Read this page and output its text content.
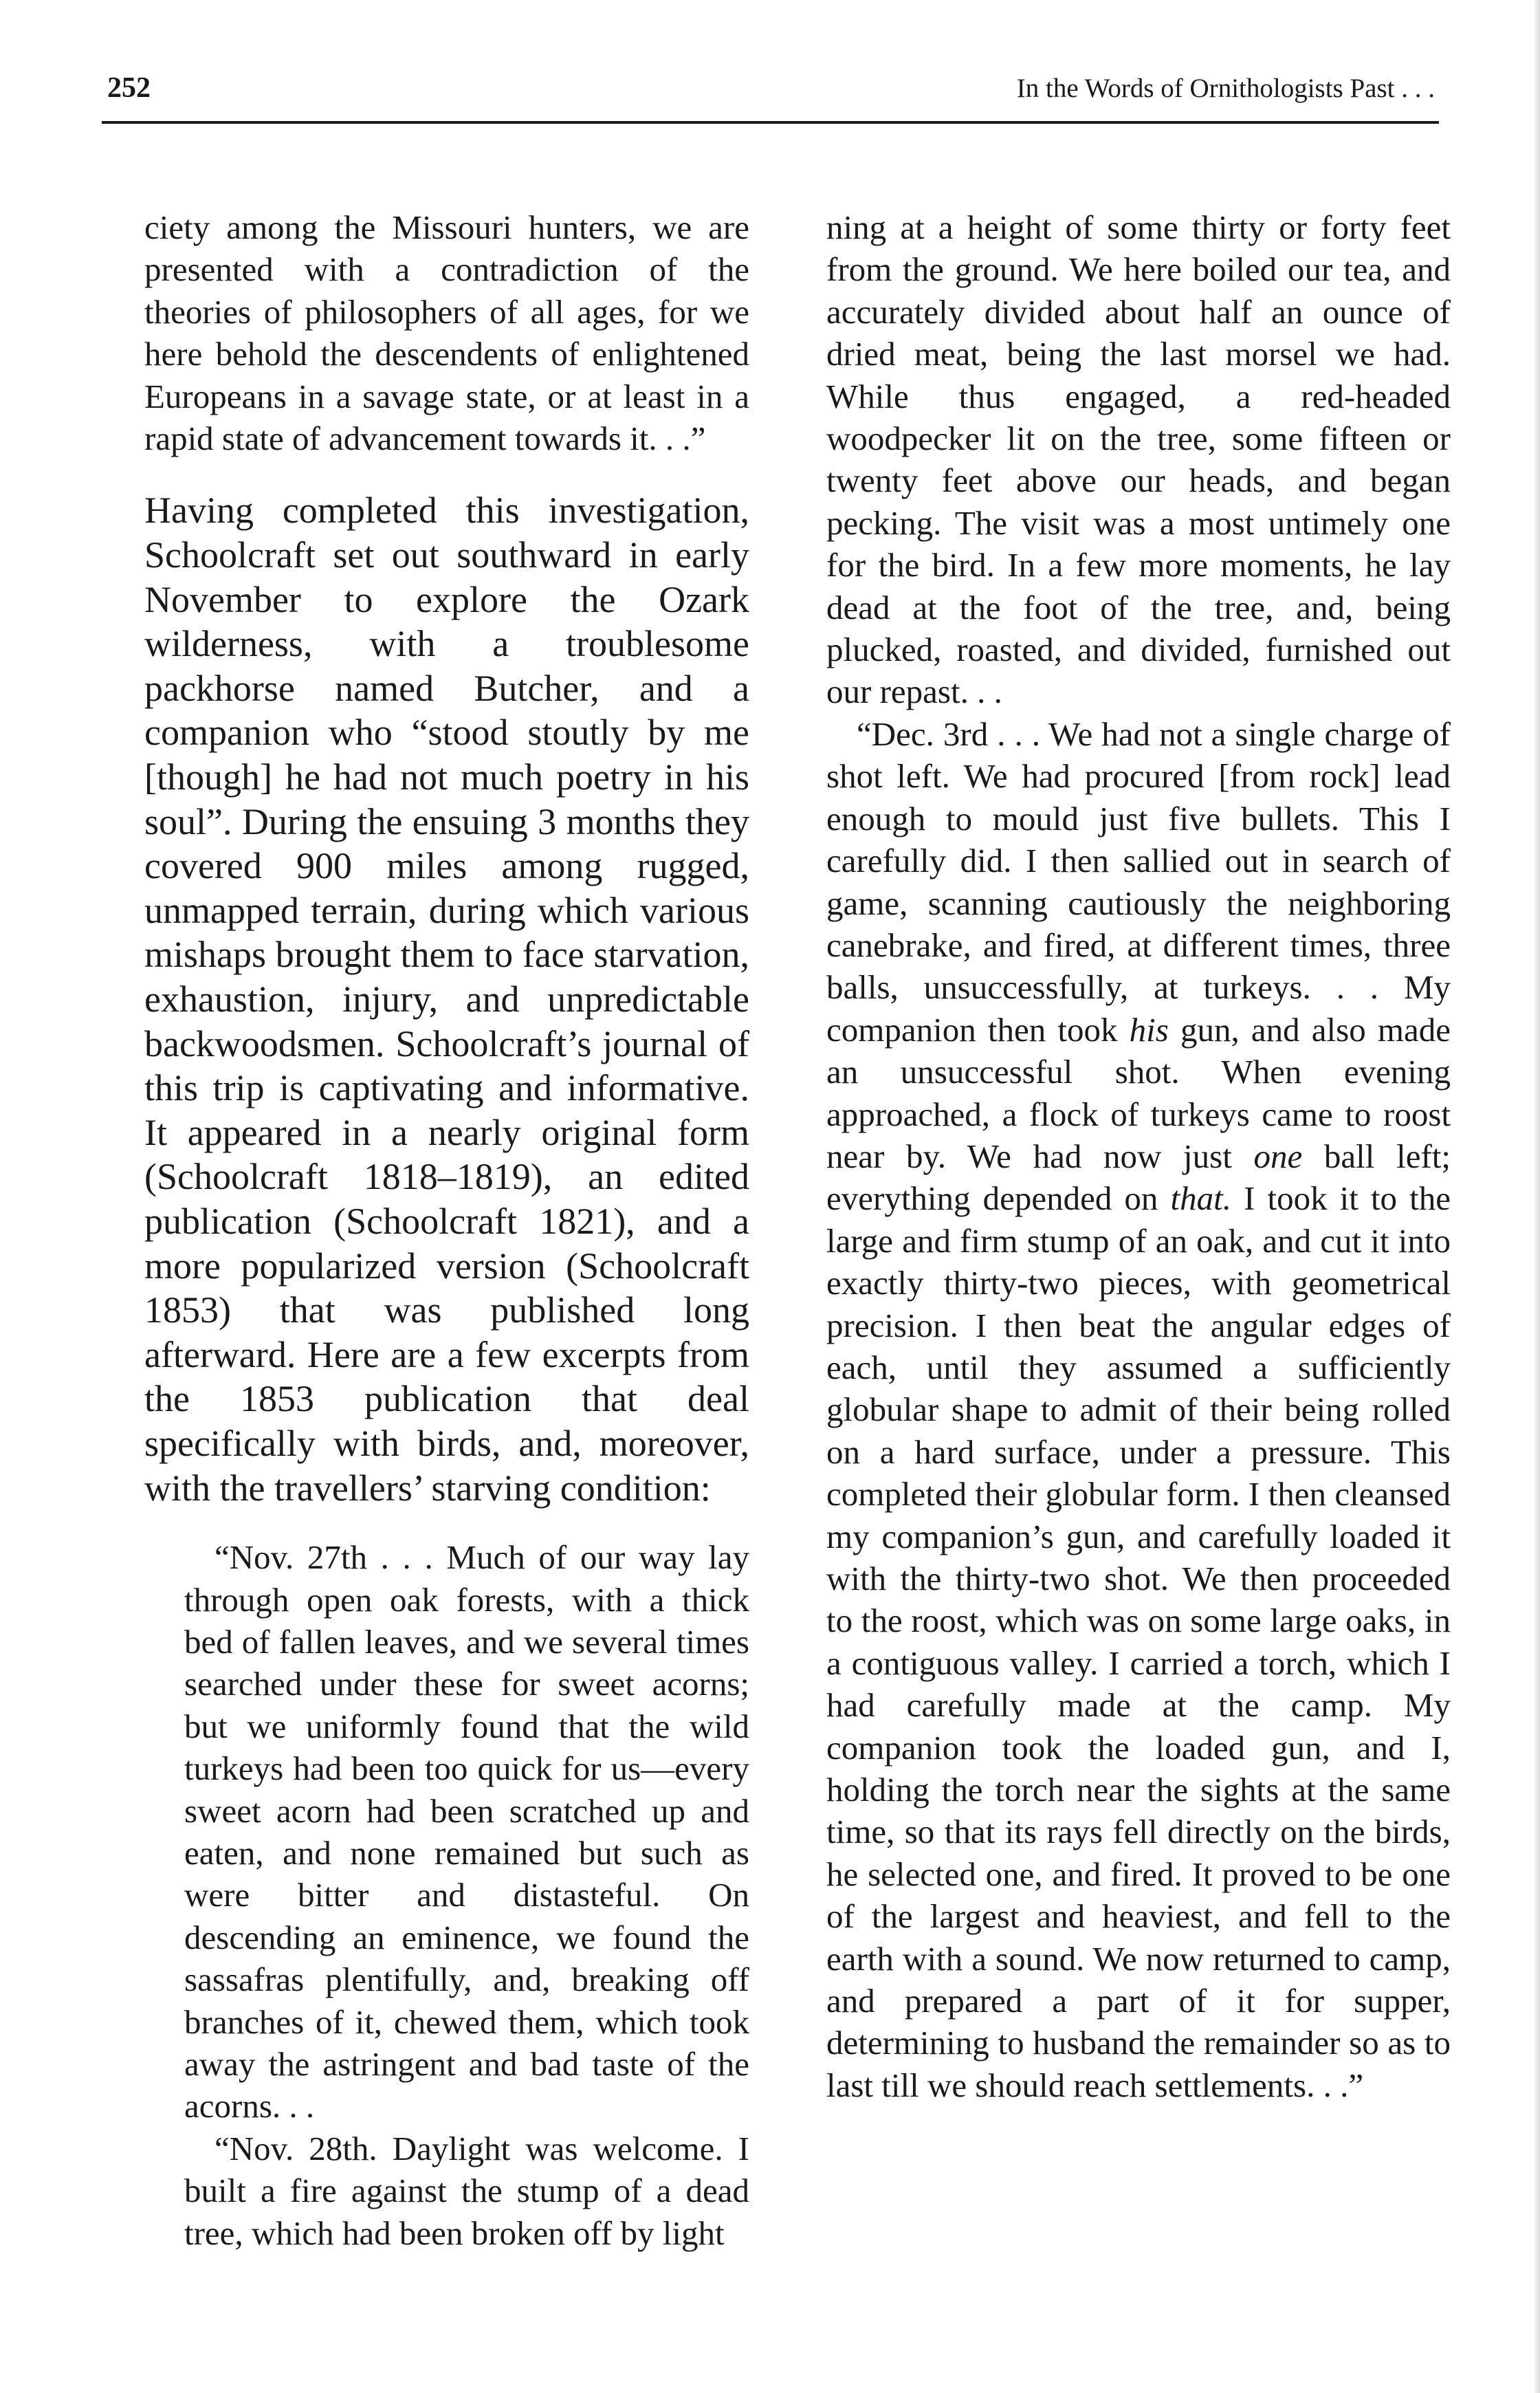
252	In the Words of Ornithologists Past . . .

ciety among the Missouri hunters, we are presented with a contradiction of the theories of philosophers of all ages, for we here behold the descendents of enlightened Europeans in a savage state, or at least in a rapid state of advancement towards it. . .”

Having completed this investigation, Schoolcraft set out southward in early November to explore the Ozark wilderness, with a troublesome packhorse named Butcher, and a companion who “stood stoutly by me [though] he had not much poetry in his soul”. During the ensuing 3 months they covered 900 miles among rugged, unmapped terrain, during which various mishaps brought them to face starvation, exhaustion, injury, and unpredictable backwoodsmen. Schoolcraft’s journal of this trip is captivating and informative. It appeared in a nearly original form (Schoolcraft 1818–1819), an edited publication (Schoolcraft 1821), and a more popularized version (Schoolcraft 1853) that was published long afterward. Here are a few excerpts from the 1853 publication that deal specifically with birds, and, moreover, with the travellers’ starving condition:

“Nov. 27th . . . Much of our way lay through open oak forests, with a thick bed of fallen leaves, and we several times searched under these for sweet acorns; but we uniformly found that the wild turkeys had been too quick for us—every sweet acorn had been scratched up and eaten, and none remained but such as were bitter and distasteful. On descending an eminence, we found the sassafras plentifully, and, breaking off branches of it, chewed them, which took away the astringent and bad taste of the acorns. . .

“Nov. 28th. Daylight was welcome. I built a fire against the stump of a dead tree, which had been broken off by light

ning at a height of some thirty or forty feet from the ground. We here boiled our tea, and accurately divided about half an ounce of dried meat, being the last morsel we had. While thus engaged, a red-headed woodpecker lit on the tree, some fifteen or twenty feet above our heads, and began pecking. The visit was a most untimely one for the bird. In a few more moments, he lay dead at the foot of the tree, and, being plucked, roasted, and divided, furnished out our repast. . .

“Dec. 3rd . . . We had not a single charge of shot left. We had procured [from rock] lead enough to mould just five bullets. This I carefully did. I then sallied out in search of game, scanning cautiously the neighboring canebrake, and fired, at different times, three balls, unsuccessfully, at turkeys. . . My companion then took his gun, and also made an unsuccessful shot. When evening approached, a flock of turkeys came to roost near by. We had now just one ball left; everything depended on that. I took it to the large and firm stump of an oak, and cut it into exactly thirty-two pieces, with geometrical precision. I then beat the angular edges of each, until they assumed a sufficiently globular shape to admit of their being rolled on a hard surface, under a pressure. This completed their globular form. I then cleansed my companion’s gun, and carefully loaded it with the thirty-two shot. We then proceeded to the roost, which was on some large oaks, in a contiguous valley. I carried a torch, which I had carefully made at the camp. My companion took the loaded gun, and I, holding the torch near the sights at the same time, so that its rays fell directly on the birds, he selected one, and fired. It proved to be one of the largest and heaviest, and fell to the earth with a sound. We now returned to camp, and prepared a part of it for supper, determining to husband the remainder so as to last till we should reach settlements. . .”
